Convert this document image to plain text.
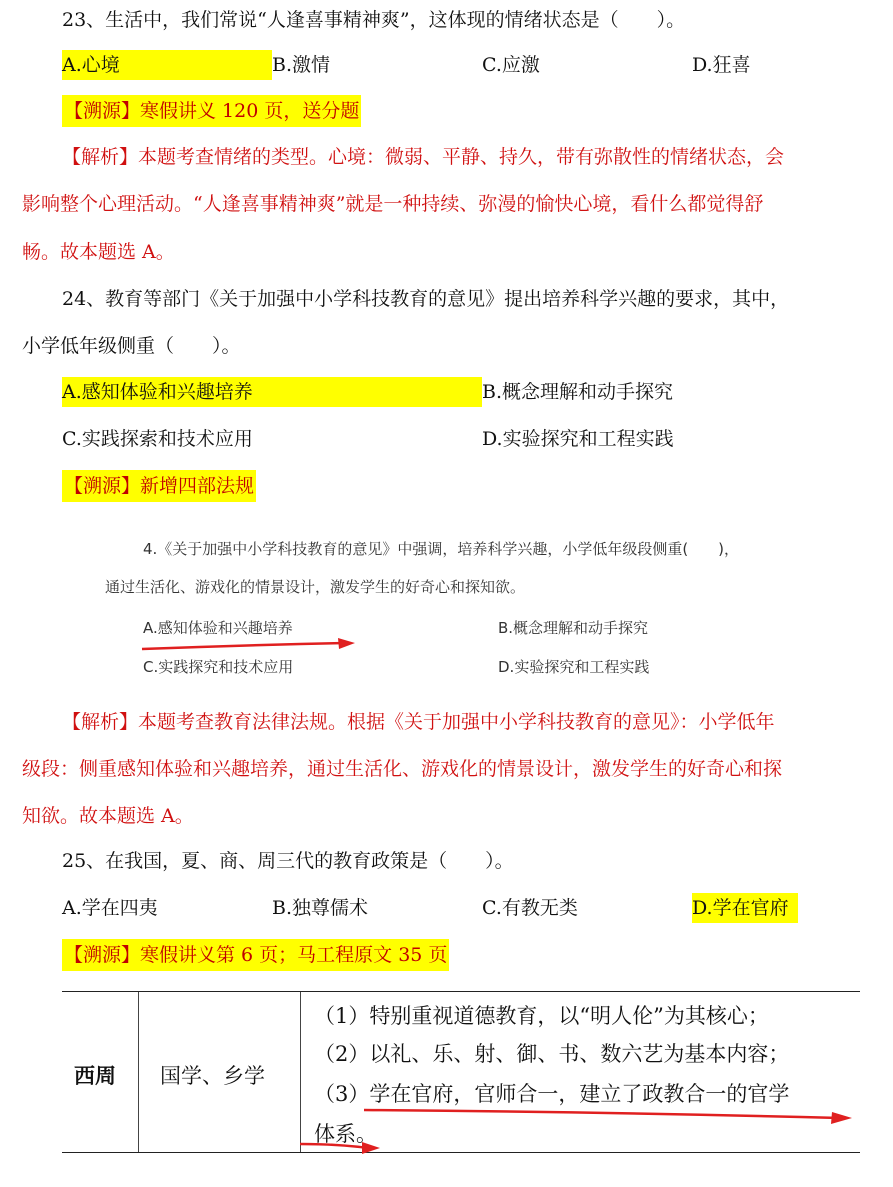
23、生活中，我们常说“人逢喜事精神爽”，这体现的情绪状态是（　　）。
A.心境	B.激情	C.应激	D.狂喜
【溯源】寒假讲义 120 页，送分题
【解析】本题考查情绪的类型。心境：微弱、平静、持久，带有弥散性的情绪状态，会
影响整个心理活动。“人逢喜事精神爽”就是一种持续、弥漫的愉快心境，看什么都觉得舒
畅。故本题选 A。
24、教育等部门《关于加强中小学科技教育的意见》提出培养科学兴趣的要求，其中，
小学低年级侧重（　　）。
A.感知体验和兴趣培养	B.概念理解和动手探究
C.实践探索和技术应用	D.实验探究和工程实践
【溯源】新增四部法规
4.《关于加强中小学科技教育的意见》中强调，培养科学兴趣，小学低年级段侧重(　　)，
通过生活化、游戏化的情景设计，激发学生的好奇心和探知欲。
A.感知体验和兴趣培养	B.概念理解和动手探究
C.实践探究和技术应用	D.实验探究和工程实践
【解析】本题考查教育法律法规。根据《关于加强中小学科技教育的意见》：小学低年
级段：侧重感知体验和兴趣培养，通过生活化、游戏化的情景设计，激发学生的好奇心和探
知欲。故本题选 A。
25、在我国，夏、商、周三代的教育政策是（　　）。
A.学在四夷	B.独尊儒术	C.有教无类	D.学在官府
【溯源】寒假讲义第 6 页；马工程原文 35 页
西周 国学、乡学
（1）特别重视道德教育，以“明人伦”为其核心；
（2）以礼、乐、射、御、书、数六艺为基本内容；
（3）学在官府，官师合一，建立了政教合一的官学
体系。
